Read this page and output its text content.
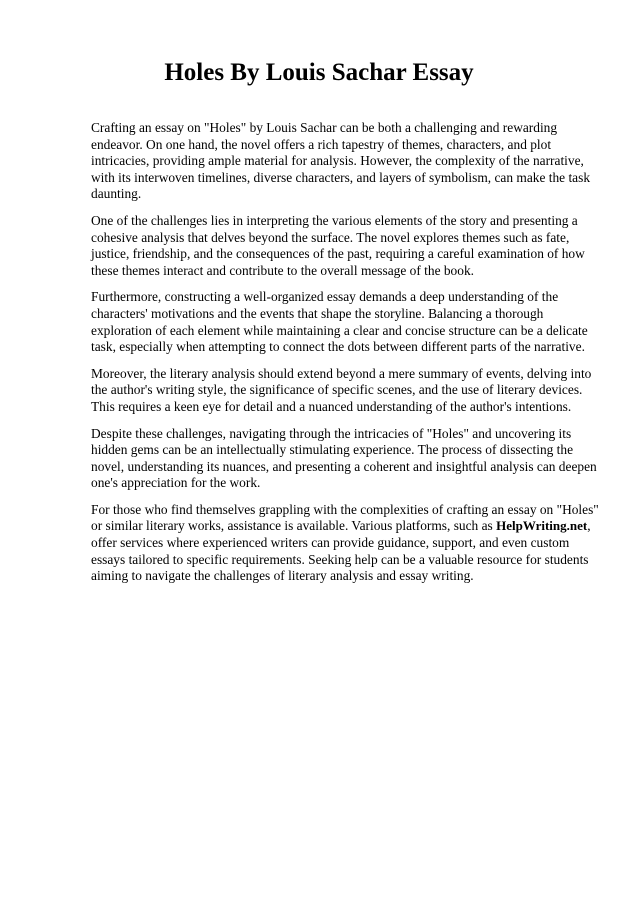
Holes By Louis Sachar Essay

Crafting an essay on "Holes" by Louis Sachar can be both a challenging and rewarding endeavor. On one hand, the novel offers a rich tapestry of themes, characters, and plot intricacies, providing ample material for analysis. However, the complexity of the narrative, with its interwoven timelines, diverse characters, and layers of symbolism, can make the task daunting.

One of the challenges lies in interpreting the various elements of the story and presenting a cohesive analysis that delves beyond the surface. The novel explores themes such as fate, justice, friendship, and the consequences of the past, requiring a careful examination of how these themes interact and contribute to the overall message of the book.

Furthermore, constructing a well-organized essay demands a deep understanding of the characters' motivations and the events that shape the storyline. Balancing a thorough exploration of each element while maintaining a clear and concise structure can be a delicate task, especially when attempting to connect the dots between different parts of the narrative.

Moreover, the literary analysis should extend beyond a mere summary of events, delving into the author's writing style, the significance of specific scenes, and the use of literary devices. This requires a keen eye for detail and a nuanced understanding of the author's intentions.

Despite these challenges, navigating through the intricacies of "Holes" and uncovering its hidden gems can be an intellectually stimulating experience. The process of dissecting the novel, understanding its nuances, and presenting a coherent and insightful analysis can deepen one's appreciation for the work.

For those who find themselves grappling with the complexities of crafting an essay on "Holes" or similar literary works, assistance is available. Various platforms, such as HelpWriting.net, offer services where experienced writers can provide guidance, support, and even custom essays tailored to specific requirements. Seeking help can be a valuable resource for students aiming to navigate the challenges of literary analysis and essay writing.
